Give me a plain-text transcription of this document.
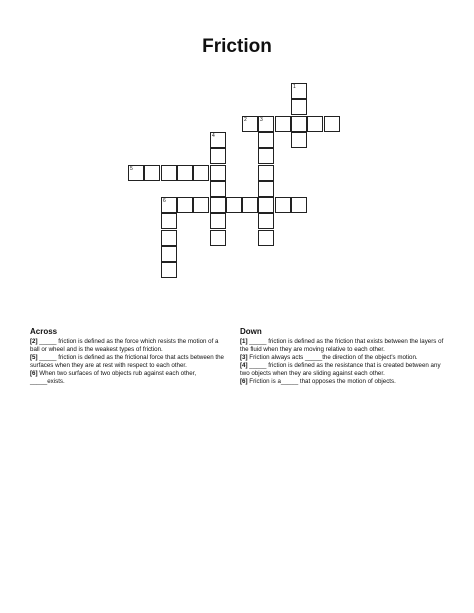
Friction
1
2	3
4
5
6
Across

[2] _____ friction is defined as the force which resists the motion of a ball or wheel and is the weakest types of friction.

[5] _____ friction is defined as the frictional force that acts between the surfaces when they are at rest with respect to each other.

[6] When two surfaces of two objects rub against each other, _____exists.

Down

[1] _____ friction is defined as the friction that exists between the layers of the fluid when they are moving relative to each other.

[3] Friction always acts _____the direction of the object's motion.

[4] _____ friction is defined as the resistance that is created between any two objects when they are sliding against each other.

[6] Friction is a_____ that opposes the motion of objects.
